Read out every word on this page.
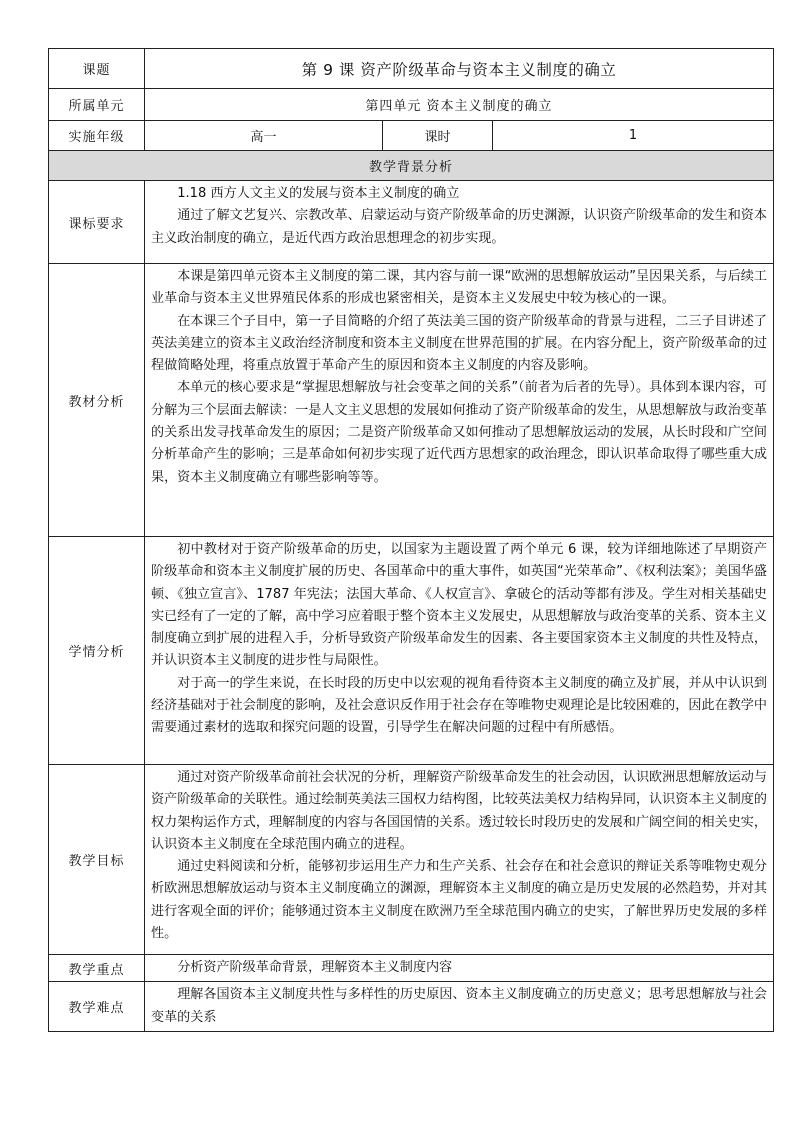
课题	第 9 课 资产阶级革命与资本主义制度的确立		
所属单元	第四单元 资本主义制度的确立		
实施年级	高一	课时	1
教学背景分析			
课标要求	1.18 西方人文主义的发展与资本主义制度的确立

通过了解文艺复兴、宗教改革、启蒙运动与资产阶级革命的历史渊源，认识资产阶级革命的发生和资本主义政治制度的确立，是近代西方政治思想理念的初步实现。		

教材分析	本课是第四单元资本主义制度的第二课，其内容与前一课“欧洲的思想解放运动”呈因果关系，与后续工业革命与资本主义世界殖民体系的形成也紧密相关，是资本主义发展史中较为核心的一课。

在本课三个子目中，第一子目简略的介绍了英法美三国的资产阶级革命的背景与进程，二三子目讲述了英法美建立的资本主义政治经济制度和资本主义制度在世界范围的扩展。在内容分配上，资产阶级革命的过程做简略处理，将重点放置于革命产生的原因和资本主义制度的内容及影响。

本单元的核心要求是“掌握思想解放与社会变革之间的关系”（前者为后者的先导）。具体到本课内容，可分解为三个层面去解读：一是人文主义思想的发展如何推动了资产阶级革命的发生，从思想解放与政治变革的关系出发寻找革命发生的原因；二是资产阶级革命又如何推动了思想解放运动的发展，从长时段和广空间分析革命产生的影响；三是革命如何初步实现了近代西方思想家的政治理念，即认识革命取得了哪些重大成果，资本主义制度确立有哪些影响等等。		

学情分析	初中教材对于资产阶级革命的历史，以国家为主题设置了两个单元 6 课，较为详细地陈述了早期资产阶级革命和资本主义制度扩展的历史、各国革命中的重大事件，如英国“光荣革命”、《权利法案》；美国华盛顿、《独立宣言》、1787 年宪法；法国大革命、《人权宣言》、拿破仑的活动等都有涉及。学生对相关基础史实已经有了一定的了解，高中学习应着眼于整个资本主义发展史，从思想解放与政治变革的关系、资本主义制度确立到扩展的进程入手，分析导致资产阶级革命发生的因素、各主要国家资本主义制度的共性及特点，并认识资本主义制度的进步性与局限性。

对于高一的学生来说，在长时段的历史中以宏观的视角看待资本主义制度的确立及扩展，并从中认识到经济基础对于社会制度的影响，及社会意识反作用于社会存在等唯物史观理论是比较困难的，因此在教学中需要通过素材的选取和探究问题的设置，引导学生在解决问题的过程中有所感悟。		

教学目标	通过对资产阶级革命前社会状况的分析，理解资产阶级革命发生的社会动因，认识欧洲思想解放运动与资产阶级革命的关联性。通过绘制英美法三国权力结构图，比较英法美权力结构异同，认识资本主义制度的权力架构运作方式，理解制度的内容与各国国情的关系。透过较长时段历史的发展和广阔空间的相关史实，认识资本主义制度在全球范围内确立的进程。

通过史料阅读和分析，能够初步运用生产力和生产关系、社会存在和社会意识的辩证关系等唯物史观分析欧洲思想解放运动与资本主义制度确立的渊源，理解资本主义制度的确立是历史发展的必然趋势，并对其进行客观全面的评价；能够通过资本主义制度在欧洲乃至全球范围内确立的史实，了解世界历史发展的多样性。		

教学重点	分析资产阶级革命背景，理解资本主义制度内容		

教学难点	理解各国资本主义制度共性与多样性的历史原因、资本主义制度确立的历史意义；思考思想解放与社会变革的关系		
